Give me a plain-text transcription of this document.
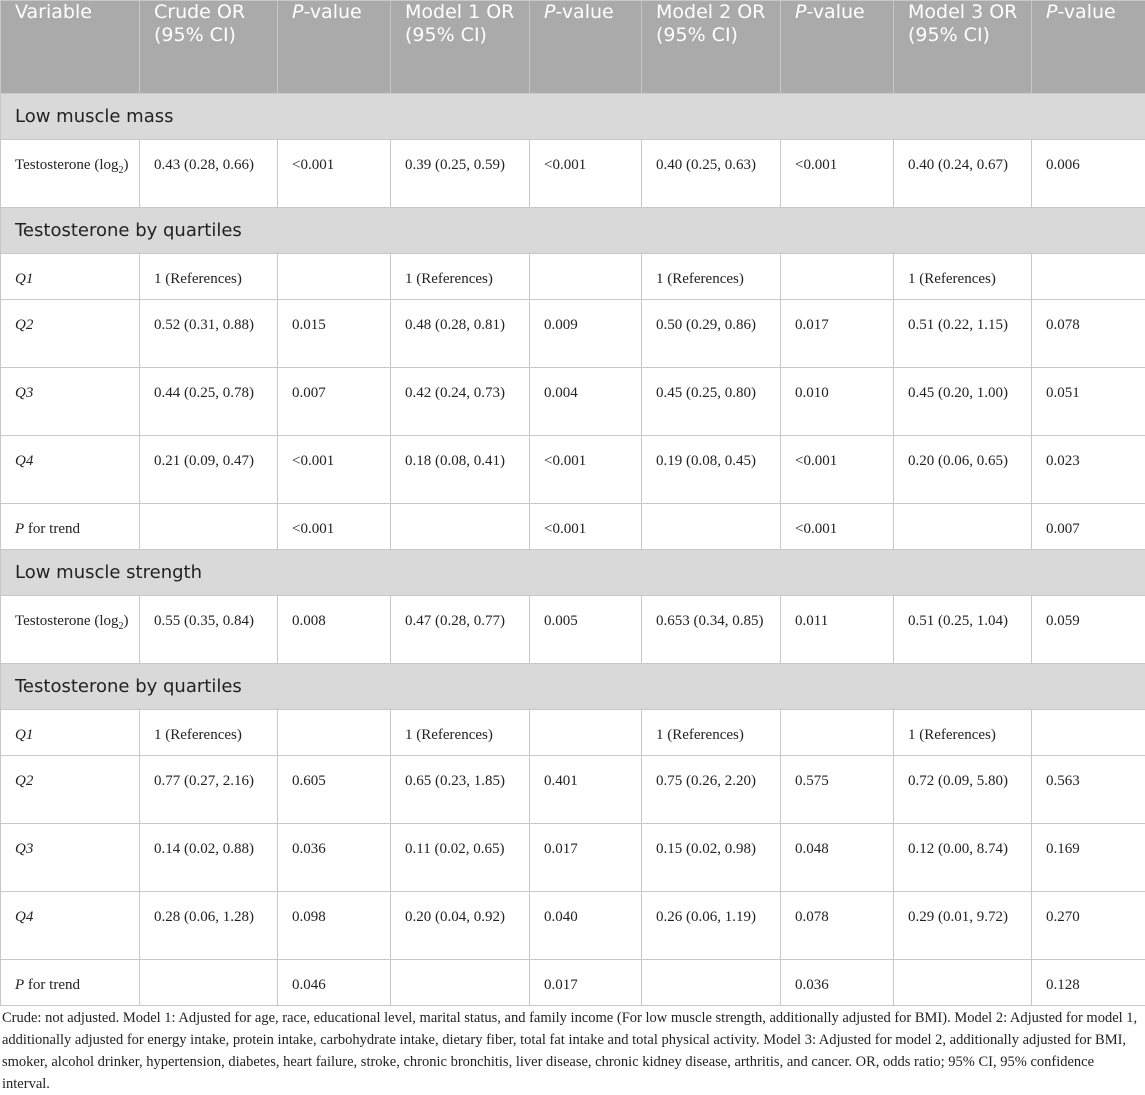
Variable	Crude OR (95% CI)	P-value	Model 1 OR (95% CI)	P-value	Model 2 OR (95% CI)	P-value	Model 3 OR (95% CI)	P-value
Low muscle mass								
Testosterone $(\log_2)$	0.43 (0.28, 0.66)	<0.001	0.39 (0.25, 0.59)	<0.001	0.40 (0.25, 0.63)	<0.001	0.40 (0.24, 0.67)	0.006
Testosterone by quartiles								
Q1	1 (References)		1 (References)		1 (References)		1 (References)	
Q2	0.52 (0.31, 0.88)	0.015	0.48 (0.28, 0.81)	0.009	0.50 (0.29, 0.86)	0.017	0.51 (0.22, 1.15)	0.078
Q3	0.44 (0.25, 0.78)	0.007	0.42 (0.24, 0.73)	0.004	0.45 (0.25, 0.80)	0.010	0.45 (0.20, 1.00)	0.051
Q4	0.21 (0.09, 0.47)	<0.001	0.18 (0.08, 0.41)	<0.001	0.19 (0.08, 0.45)	<0.001	0.20 (0.06, 0.65)	0.023
P for trend		<0.001		<0.001		<0.001		0.007
Low muscle strength								
Testosterone $(\log_2)$	0.55 (0.35, 0.84)	0.008	0.47 (0.28, 0.77)	0.005	0.653 (0.34, 0.85)	0.011	0.51 (0.25, 1.04)	0.059
Testosterone by quartiles								
Q1	1 (References)		1 (References)		1 (References)		1 (References)	
Q2	0.77 (0.27, 2.16)	0.605	0.65 (0.23, 1.85)	0.401	0.75 (0.26, 2.20)	0.575	0.72 (0.09, 5.80)	0.563
Q3	0.14 (0.02, 0.88)	0.036	0.11 (0.02, 0.65)	0.017	0.15 (0.02, 0.98)	0.048	0.12 (0.00, 8.74)	0.169
Q4	0.28 (0.06, 1.28)	0.098	0.20 (0.04, 0.92)	0.040	0.26 (0.06, 1.19)	0.078	0.29 (0.01, 9.72)	0.270
P for trend		0.046		0.017		0.036		0.128
Crude: not adjusted. Model 1: Adjusted for age, race, educational level, marital status, and family income (For low muscle strength, additionally adjusted for BMI). Model 2: Adjusted for model 1, additionally adjusted for energy intake, protein intake, carbohydrate intake, dietary fiber, total fat intake and total physical activity. Model 3: Adjusted for model 2, additionally adjusted for BMI, smoker, alcohol drinker, hypertension, diabetes, heart failure, stroke, chronic bronchitis, liver disease, chronic kidney disease, arthritis, and cancer. OR, odds ratio; 95% CI, 95% confidence interval.
